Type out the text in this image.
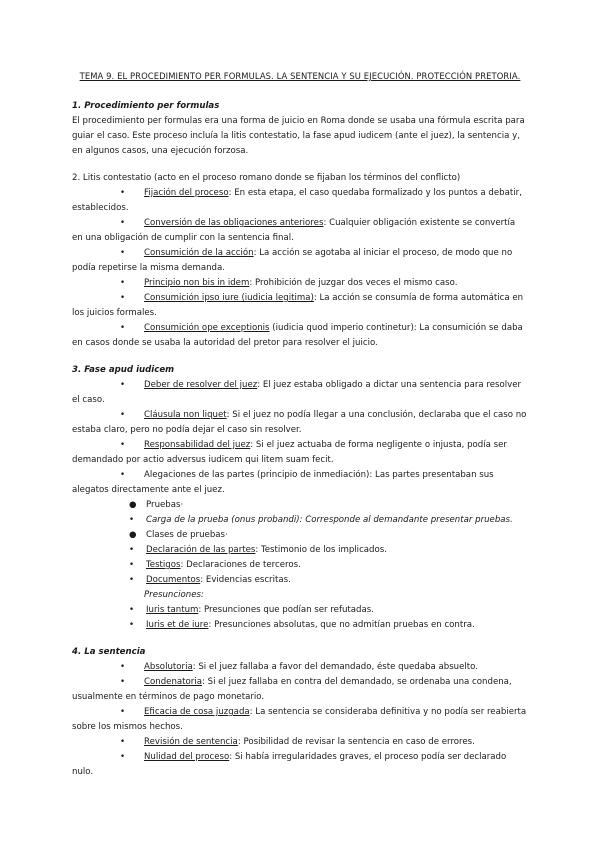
TEMA 9. EL PROCEDIMIENTO PER FORMULAS. LA SENTENCIA Y SU EJECUCIÓN. PROTECCIÓN PRETORIA.

1. Procedimiento per formulas

El procedimiento per formulas era una forma de juicio en Roma donde se usaba una fórmula escrita para guiar el caso. Este proceso incluía la litis contestatio, la fase apud iudicem (ante el juez), la sentencia y, en algunos casos, una ejecución forzosa.

2. Litis contestatio (acto en el proceso romano donde se fijaban los términos del conflicto)

• Fijación del proceso: En esta etapa, el caso quedaba formalizado y los puntos a debatir, establecidos.

• Conversión de las obligaciones anteriores: Cualquier obligación existente se convertía en una obligación de cumplir con la sentencia final.

• Consumición de la acción: La acción se agotaba al iniciar el proceso, de modo que no podía repetirse la misma demanda.

• Principio non bis in idem: Prohibición de juzgar dos veces el mismo caso.

• Consumición ipso iure (iudicia legitima): La acción se consumía de forma automática en los juicios formales.

• Consumición ope exceptionis (iudicia quod imperio continetur): La consumición se daba en casos donde se usaba la autoridad del pretor para resolver el juicio.

3. Fase apud iudicem

• Deber de resolver del juez: El juez estaba obligado a dictar una sentencia para resolver el caso.

• Cláusula non liquet: Si el juez no podía llegar a una conclusión, declaraba que el caso no estaba claro, pero no podía dejar el caso sin resolver.

• Responsabilidad del juez: Si el juez actuaba de forma negligente o injusta, podía ser demandado por actio adversus iudicem qui litem suam fecit.

• Alegaciones de las partes (principio de inmediación): Las partes presentaban sus alegatos directamente ante el juez.

● Pruebas·

• Carga de la prueba (onus probandi): Corresponde al demandante presentar pruebas.

● Clases de pruebas·

• Declaración de las partes: Testimonio de los implicados.

• Testigos: Declaraciones de terceros.

• Documentos: Evidencias escritas.

Presunciones:

• Iuris tantum: Presunciones que podían ser refutadas.

• Iuris et de iure: Presunciones absolutas, que no admitían pruebas en contra.

4. La sentencia

• Absolutoria: Si el juez fallaba a favor del demandado, éste quedaba absuelto.

• Condenatoria: Si el juez fallaba en contra del demandado, se ordenaba una condena, usualmente en términos de pago monetario.

• Eficacia de cosa juzgada: La sentencia se consideraba definitiva y no podía ser reabierta sobre los mismos hechos.

• Revisión de sentencia: Posibilidad de revisar la sentencia en caso de errores.

• Nulidad del proceso: Si había irregularidades graves, el proceso podía ser declarado nulo.
